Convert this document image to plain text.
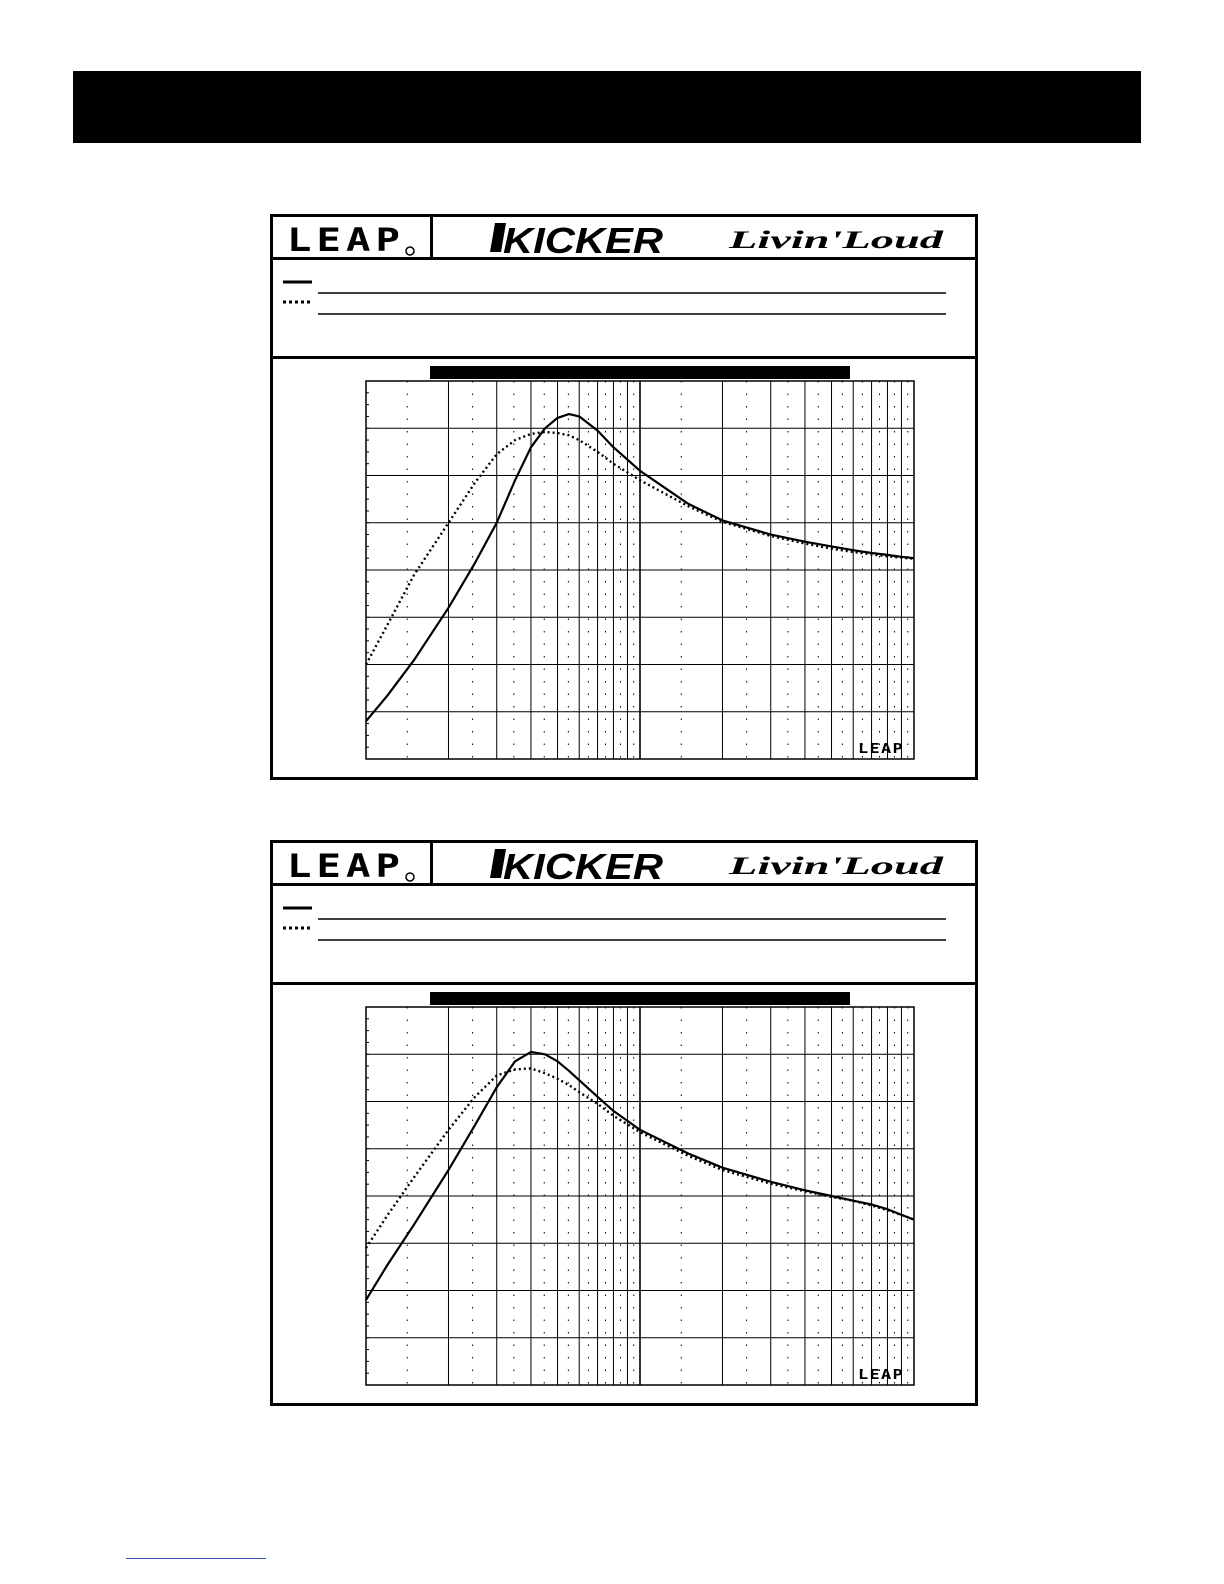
LEAP	KICKER	Livin'Loud
LEAP
LEAP	KICKER	Livin'Loud
LEAP
